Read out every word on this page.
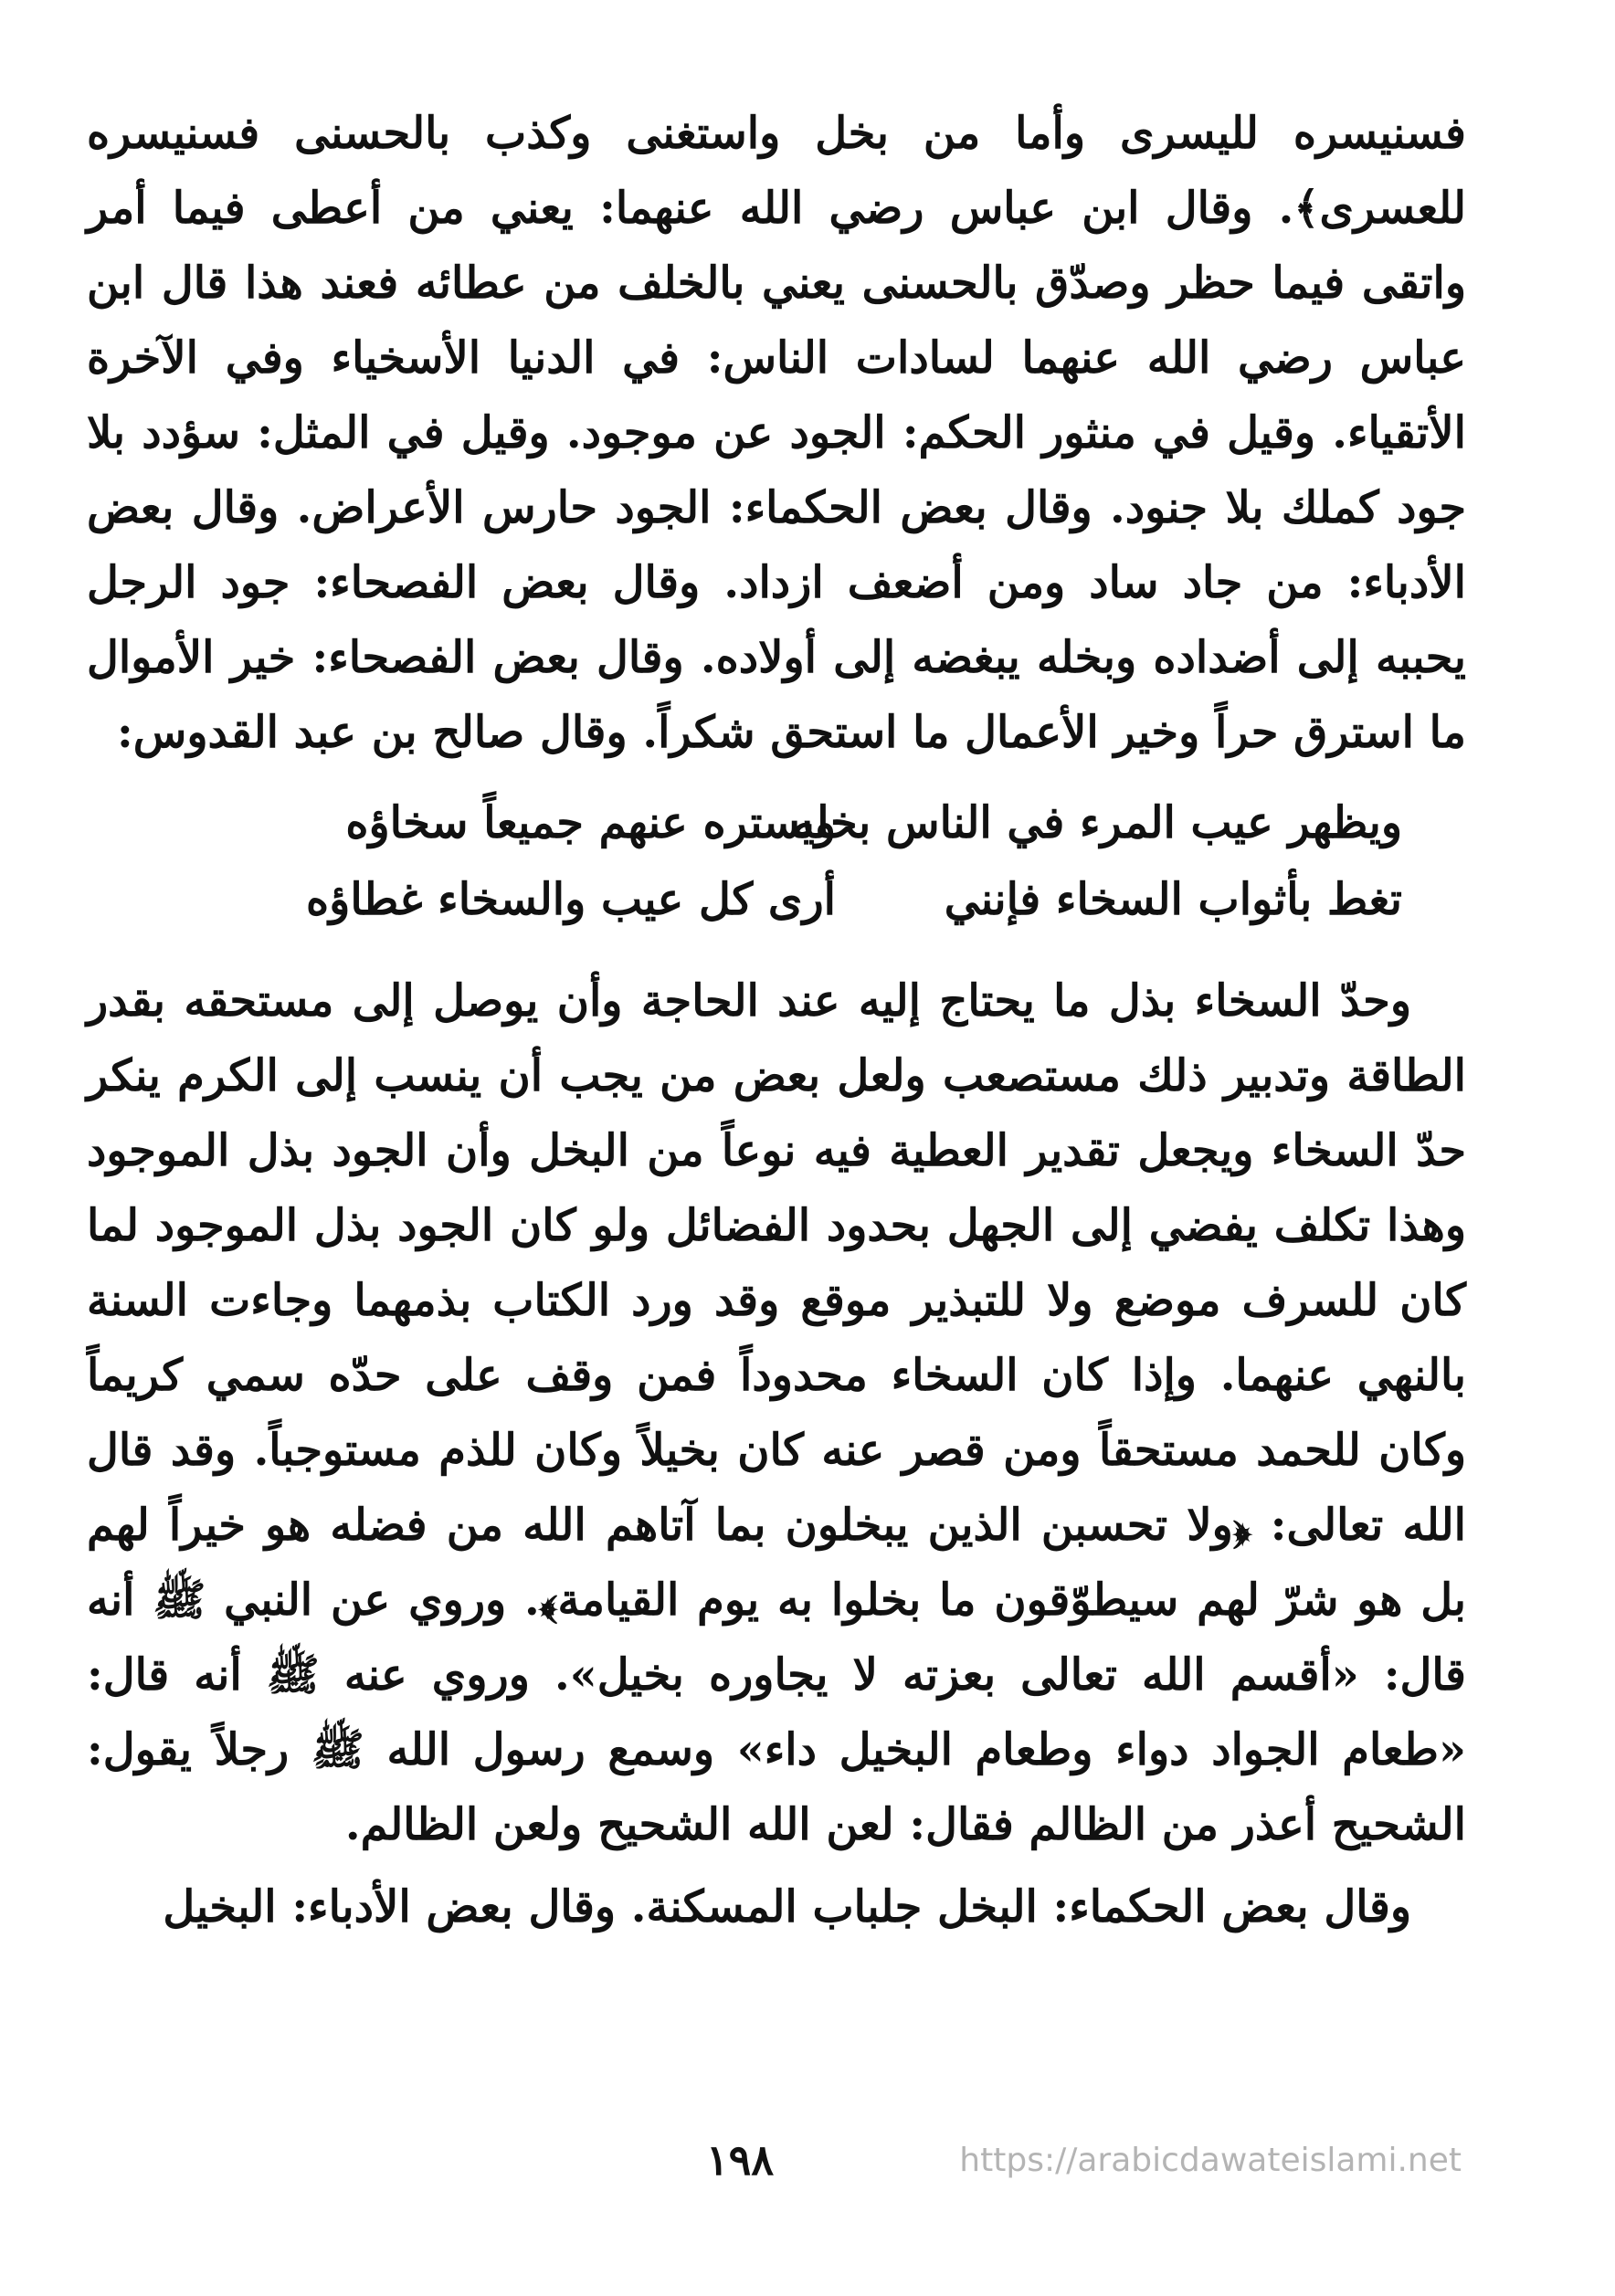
فسنيسره لليسرى وأما من بخل واستغنى وكذب بالحسنى فسنيسره للعسرى﴾. وقال ابن عباس رضي الله عنهما: يعني من أعطى فيما أمر واتقى فيما حظر وصدّق بالحسنى يعني بالخلف من عطائه فعند هذا قال ابن عباس رضي الله عنهما لسادات الناس: في الدنيا الأسخياء وفي الآخرة الأتقياء. وقيل في منثور الحكم: الجود عن موجود. وقيل في المثل: سؤدد بلا جود كملك بلا جنود. وقال بعض الحكماء: الجود حارس الأعراض. وقال بعض الأدباء: من جاد ساد ومن أضعف ازداد. وقال بعض الفصحاء: جود الرجل يحببه إلى أضداده وبخله يبغضه إلى أولاده. وقال بعض الفصحاء: خير الأموال ما استرق حراً وخير الأعمال ما استحق شكراً. وقال صالح بن عبد القدوس:

ويظهر عيب المرء في الناس بخله
ويستره عنهم جميعاً سخاؤه
تغط بأثواب السخاء فإنني
أرى كل عيب والسخاء غطاؤه

وحدّ السخاء بذل ما يحتاج إليه عند الحاجة وأن يوصل إلى مستحقه بقدر الطاقة وتدبير ذلك مستصعب ولعل بعض من يجب أن ينسب إلى الكرم ينكر حدّ السخاء ويجعل تقدير العطية فيه نوعاً من البخل وأن الجود بذل الموجود وهذا تكلف يفضي إلى الجهل بحدود الفضائل ولو كان الجود بذل الموجود لما كان للسرف موضع ولا للتبذير موقع وقد ورد الكتاب بذمهما وجاءت السنة بالنهي عنهما. وإذا كان السخاء محدوداً فمن وقف على حدّه سمي كريماً وكان للحمد مستحقاً ومن قصر عنه كان بخيلاً وكان للذم مستوجباً. وقد قال الله تعالى: ﴿ولا تحسبن الذين يبخلون بما آتاهم الله من فضله هو خيراً لهم بل هو شرّ لهم سيطوّقون ما بخلوا به يوم القيامة﴾. وروي عن النبي ﷺ أنه قال: «أقسم الله تعالى بعزته لا يجاوره بخيل». وروي عنه ﷺ أنه قال: «طعام الجواد دواء وطعام البخيل داء» وسمع رسول الله ﷺ رجلاً يقول: الشحيح أعذر من الظالم فقال: لعن الله الشحيح ولعن الظالم.

وقال بعض الحكماء: البخل جلباب المسكنة. وقال بعض الأدباء: البخيل

١٩٨	https://arabicdawateislami.net
